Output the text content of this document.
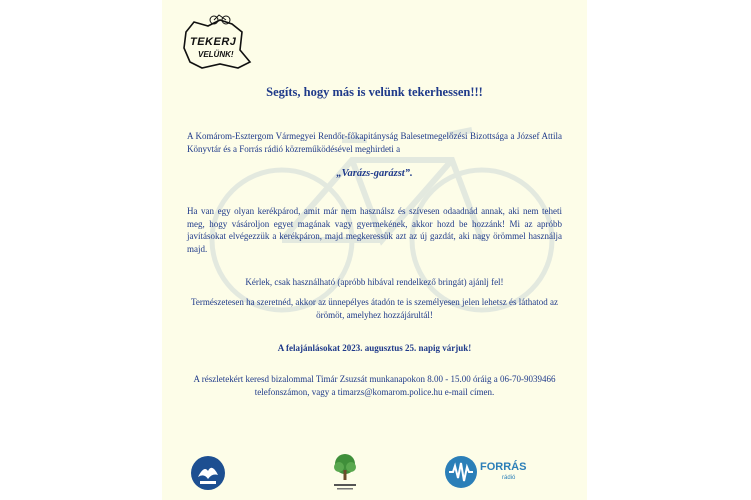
TEKERJ
VELÜNK!
Segíts, hogy más is velünk tekerhessen!!!
A Komárom-Esztergom Vármegyei Rendőr-főkapitányság Balesetmegelőzési Bizottsága a József Attila Könyvtár és a Forrás rádió közreműködésével meghirdeti a
„Varázs-garázst”.
Ha van egy olyan kerékpárod, amit már nem használsz és szívesen odaadnád annak, aki nem teheti meg, hogy vásároljon egyet magának vagy gyermekének, akkor hozd be hozzánk! Mi az apróbb javításokat elvégezzük a kerékpáron, majd megkeressük azt az új gazdát, aki nagy örömmel használja majd.
Kérlek, csak használható (apróbb hibával rendelkező bringát) ajánlj fel!
Természetesen ha szeretnéd, akkor az ünnepélyes átadón te is személyesen jelen lehetsz és láthatod az örömöt, amelyhez hozzájárultál!
A felajánlásokat 2023. augusztus 25. napig várjuk!
A részletekért keresd bizalommal Timár Zsuzsát munkanapokon 8.00 - 15.00 óráig a 06-70-9039466 telefonszámon, vagy a timarzs@komarom.police.hu e-mail címen.
FORRÁS
rádió
